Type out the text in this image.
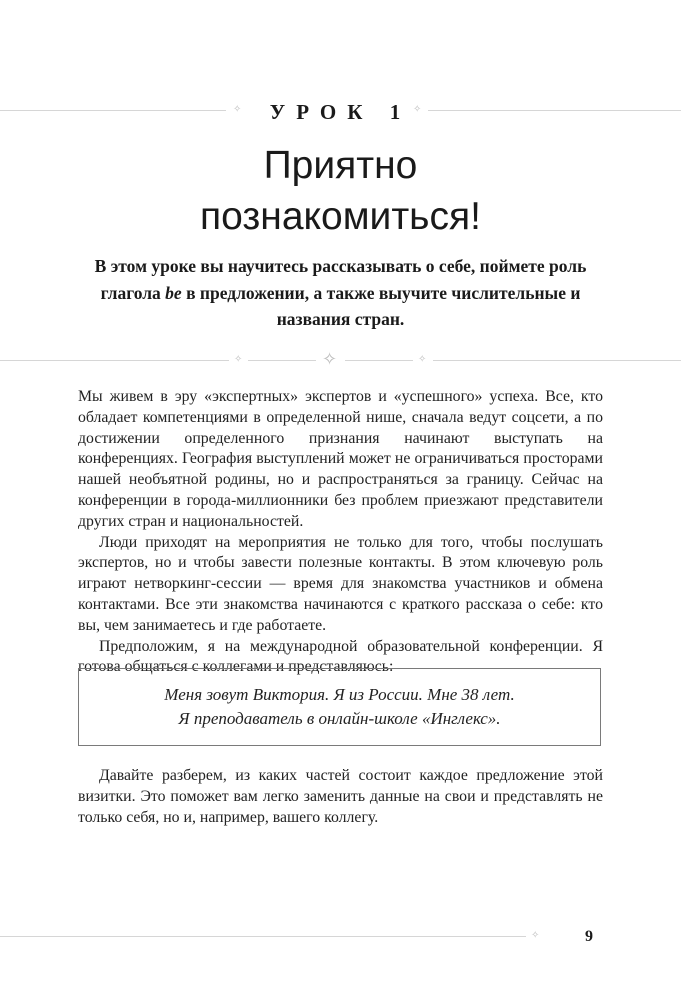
✧	✧
УРОК 1
Приятно
познакомиться!
В этом уроке вы научитесь рассказывать о себе, поймете роль глагола be в предложении, а также выучите числительные и названия стран.
✧	✧	✧

Мы живем в эру «экспертных» экспертов и «успешного» успеха. Все, кто обладает компетенциями в определенной нише, сначала ведут соцсети, а по достижении определенного признания начинают выступать на конференциях. География выступлений может не ограничиваться просторами нашей необъятной родины, но и распространяться за границу. Сейчас на конференции в города-миллионники без проблем приезжают представители других стран и национальностей.

Люди приходят на мероприятия не только для того, чтобы послушать экспертов, но и чтобы завести полезные контакты. В этом ключевую роль играют нетворкинг-сессии — время для знакомства участников и обмена контактами. Все эти знакомства начинаются с краткого рассказа о себе: кто вы, чем занимаетесь и где работаете.

Предположим, я на международной образовательной конференции. Я готова общаться с коллегами и представляюсь:

Меня зовут Виктория. Я из России. Мне 38 лет.
Я преподаватель в онлайн-школе «Инглекс».

Давайте разберем, из каких частей состоит каждое предложение этой визитки. Это поможет вам легко заменить данные на свои и представлять не только себя, но и, например, вашего коллегу.

✧	9
